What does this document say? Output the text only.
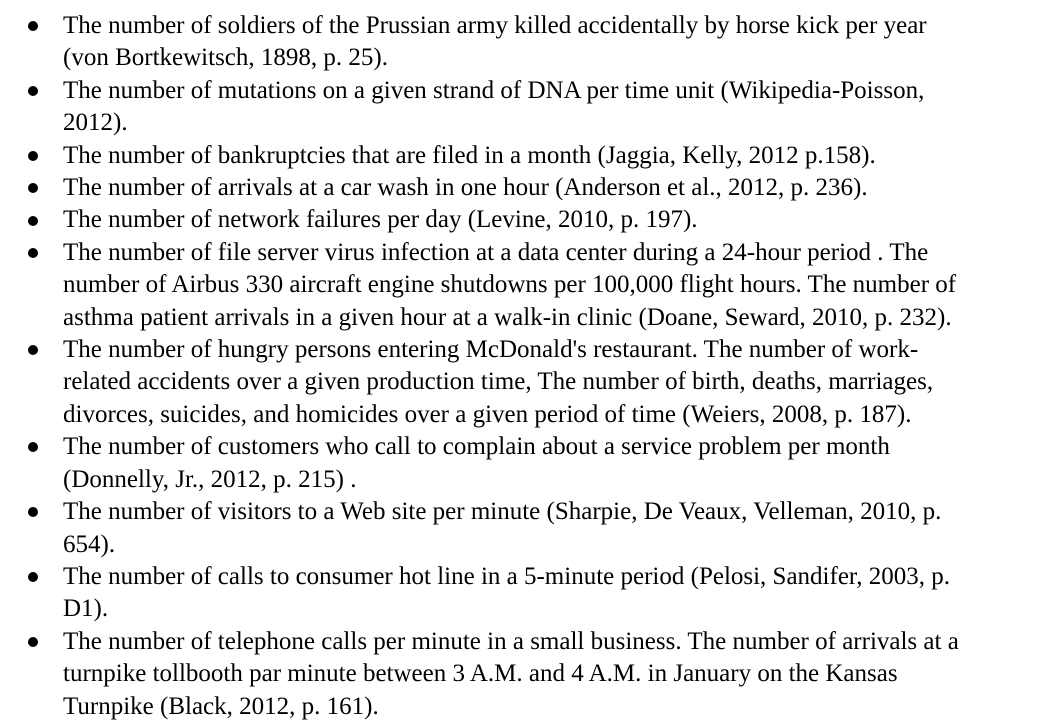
The number of soldiers of the Prussian army killed accidentally by horse kick per year
(von Bortkewitsch, 1898, p. 25).
The number of mutations on a given strand of DNA per time unit (Wikipedia-Poisson,
2012).
The number of bankruptcies that are filed in a month (Jaggia, Kelly, 2012 p.158).
The number of arrivals at a car wash in one hour (Anderson et al., 2012, p. 236).
The number of network failures per day (Levine, 2010, p. 197).
The number of file server virus infection at a data center during a 24-hour period . The
number of Airbus 330 aircraft engine shutdowns per 100,000 flight hours. The number of
asthma patient arrivals in a given hour at a walk-in clinic (Doane, Seward, 2010, p. 232).
The number of hungry persons entering McDonald's restaurant. The number of work-
related accidents over a given production time, The number of birth, deaths, marriages,
divorces, suicides, and homicides over a given period of time (Weiers, 2008, p. 187).
The number of customers who call to complain about a service problem per month
(Donnelly, Jr., 2012, p. 215) .
The number of visitors to a Web site per minute (Sharpie, De Veaux, Velleman, 2010, p.
654).
The number of calls to consumer hot line in a 5-minute period (Pelosi, Sandifer, 2003, p.
D1).
The number of telephone calls per minute in a small business. The number of arrivals at a
turnpike tollbooth par minute between 3 A.M. and 4 A.M. in January on the Kansas
Turnpike (Black, 2012, p. 161).
